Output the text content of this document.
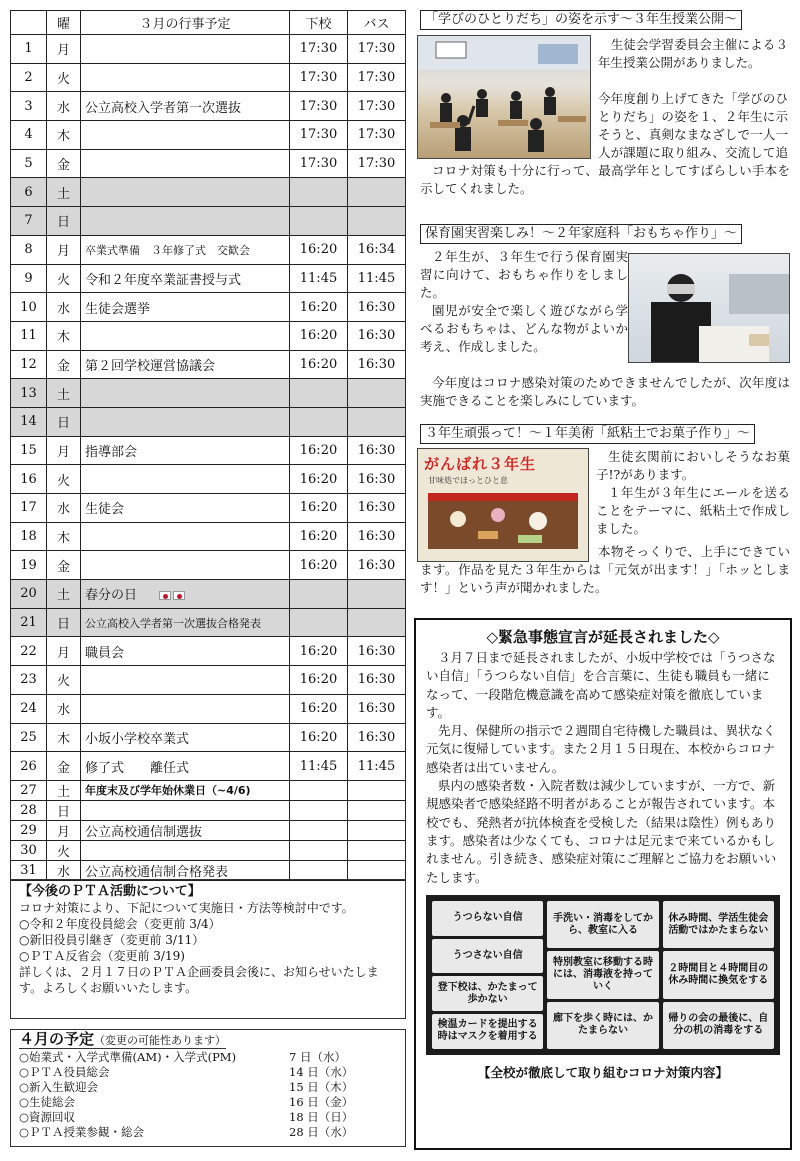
	曜	３月の行事予定	下校	バス
1	月		17:30	17:30
2	火		17:30	17:30
3	水	公立高校入学者第一次選抜	17:30	17:30
4	木		17:30	17:30
5	金		17:30	17:30
6	土			
7	日			
8	月	卒業式準備　３年修了式　交歓会	16:20	16:34
9	火	令和２年度卒業証書授与式	11:45	11:45
10	水	生徒会選挙	16:20	16:30
11	木		16:20	16:30
12	金	第２回学校運営協議会	16:20	16:30
13	土			
14	日			
15	月	指導部会	16:20	16:30
16	火		16:20	16:30
17	水	生徒会	16:20	16:30
18	木		16:20	16:30
19	金		16:20	16:30
20	土	春分の日		
21	日	公立高校入学者第一次選抜合格発表		
22	月	職員会	16:20	16:30
23	火		16:20	16:30
24	水		16:20	16:30
25	木	小坂小学校卒業式	16:20	16:30
26	金	修了式　　離任式	11:45	11:45
27	土	年度末及び学年始休業日（~4/6)		
28	日			
29	月	公立高校通信制選抜		
30	火			
31	水	公立高校通信制合格発表		
【今後のＰＴＡ活動について】
コロナ対策により、下記について実施日・方法等検討中です。
○令和２年度役員総会（変更前 3/4）
○新旧役員引継ぎ（変更前 3/11）
○ＰＴＡ反省会（変更前 3/19)
詳しくは、２月１７日のＰＴＡ企画委員会後に、お知らせいたします。よろしくお願いいたします。
４月の予定（変更の可能性あります）
○始業式・入学式準備(AM)・入学式(PM)	7 日（水）
○ＰＴＡ役員総会	14 日（水）
○新入生歓迎会	15 日（木）
○生徒総会	16 日（金）
○資源回収	18 日（日）
○ＰＴＡ授業参観・総会	28 日（水）
「学びのひとりだち」の姿を示す～３年生授業公開～
　生徒会学習委員会主催による３年生授業公開がありました。
今年度創り上げてきた「学びのひとりだち」の姿を１、２年生に示そうと、真剣なまなざしで一人一人が課題に取り組み、交流して追
コロナ対策も十分に行って、最高学年としてすばらしい手本を示してくれました。
保育園実習楽しみ！～２年家庭科「おもちゃ作り」～
２年生が、３年生で行う保育園実習に向けて、おもちゃ作りをしました。
園児が安全で楽しく遊びながら学べるおもちゃは、どんな物がよいか考え、作成しました。
今年度はコロナ感染対策のためできませんでしたが、次年度は実施できることを楽しみにしています。
３年生頑張って！～１年美術「紙粘土でお菓子作り」～
がんばれ３年生
甘味処でほっとひと息
生徒玄関前においしそうなお菓子!?があります。
１年生が３年生にエールを送ることをテーマに、紙粘土で作成しました。
本物そっくりで、上手にできています。作品を見た３年生からは「元気が出ます！」「ホッとします！」という声が聞かれました。
◇緊急事態宣言が延長されました◇
３月７日まで延長されましたが、小坂中学校では「うつさない自信」「うつらない自信」を合言葉に、生徒も職員も一緒になって、一段階危機意識を高めて感染症対策を徹底しています。
先月、保健所の指示で２週間自宅待機した職員は、異状なく元気に復帰しています。また２月１５日現在、本校からコロナ感染者は出ていません。
県内の感染者数・入院者数は減少していますが、一方で、新規感染者で感染経路不明者があることが報告されています。本校でも、発熱者が抗体検査を受検した（結果は陰性）例もあります。感染者は少なくても、コロナは足元まで来ているかもしれません。引き続き、感染症対策にご理解とご協力をお願いいたします。
うつらない自信
うつさない自信
登下校は、かたまって歩かない
検温カードを提出する時はマスクを着用する
手洗い・消毒をしてから、教室に入る
特別教室に移動する時には、消毒液を持っていく
廊下を歩く時には、かたまらない
休み時間、学活生徒会活動ではかたまらない
２時間目と４時間目の休み時間に換気をする
帰りの会の最後に、自分の机の消毒をする
【全校が徹底して取り組むコロナ対策内容】
